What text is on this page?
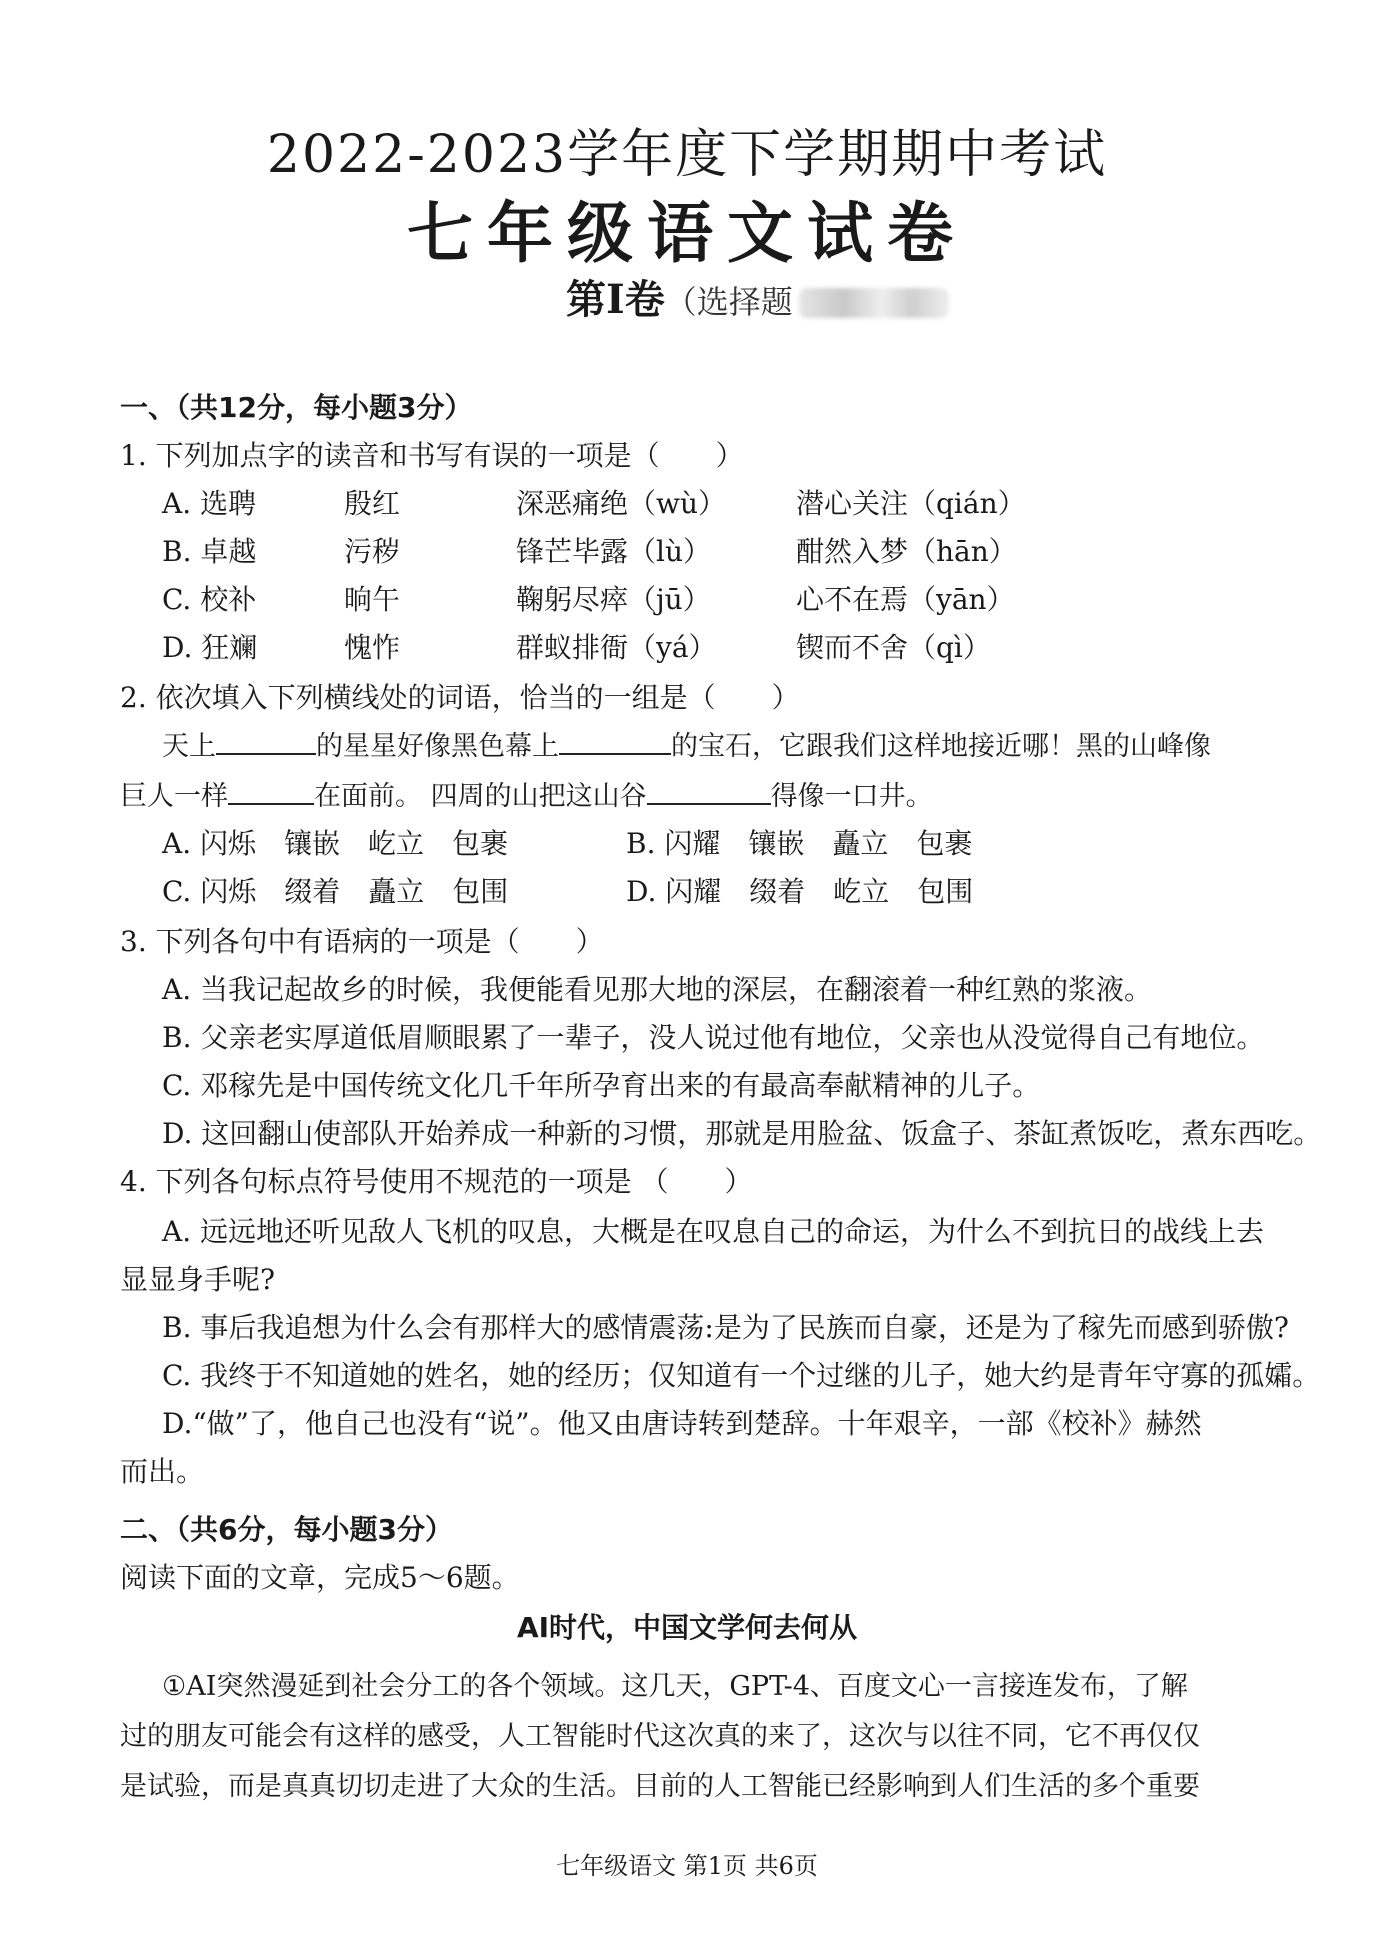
2022-2023学年度下学期期中考试
七年级语文试卷
第I卷（选择题
一、（共12分，每小题3分）
1. 下列加点字的读音和书写有误的一项是（　　）
A. 选聘	殷红	深恶痛绝（wù） 潜心关注（qián）
B. 卓越	污秽	锋芒毕露（lù）	酣然入梦（hān）
C. 校补	晌午	鞠躬尽瘁（jū）	心不在焉（yān）
D. 狂斓	愧怍	群蚁排衙（yá）	锲而不舍（qì）
2. 依次填入下列横线处的词语，恰当的一组是（　　）
天上	的星星好像黑色幕上	的宝石，它跟我们这样地接近哪！黑的山峰像
巨人一样	在面前。 四周的山把这山谷	得像一口井。
A. 闪烁　镶嵌　屹立　包裹	B. 闪耀　镶嵌　矗立　包裹
C. 闪烁　缀着　矗立　包围	D. 闪耀　缀着　屹立　包围
3. 下列各句中有语病的一项是（　　）
A. 当我记起故乡的时候，我便能看见那大地的深层，在翻滚着一种红熟的浆液。
B. 父亲老实厚道低眉顺眼累了一辈子，没人说过他有地位，父亲也从没觉得自己有地位。
C. 邓稼先是中国传统文化几千年所孕育出来的有最高奉献精神的儿子。
D. 这回翻山使部队开始养成一种新的习惯，那就是用脸盆、饭盒子、茶缸煮饭吃，煮东西吃。
4. 下列各句标点符号使用不规范的一项是 （　　）
A. 远远地还听见敌人飞机的叹息，大概是在叹息自己的命运，为什么不到抗日的战线上去
显显身手呢?
B. 事后我追想为什么会有那样大的感情震荡:是为了民族而自豪，还是为了稼先而感到骄傲?
C. 我终于不知道她的姓名，她的经历；仅知道有一个过继的儿子，她大约是青年守寡的孤孀。
D.“做”了，他自己也没有“说”。他又由唐诗转到楚辞。十年艰辛，一部《校补》赫然
而出。
二、（共6分，每小题3分）
阅读下面的文章，完成5～6题。
AI时代，中国文学何去何从
①AI突然漫延到社会分工的各个领域。这几天，GPT-4、百度文心一言接连发布，了解
过的朋友可能会有这样的感受，人工智能时代这次真的来了，这次与以往不同，它不再仅仅
是试验，而是真真切切走进了大众的生活。目前的人工智能已经影响到人们生活的多个重要
七年级语文 第1页 共6页
